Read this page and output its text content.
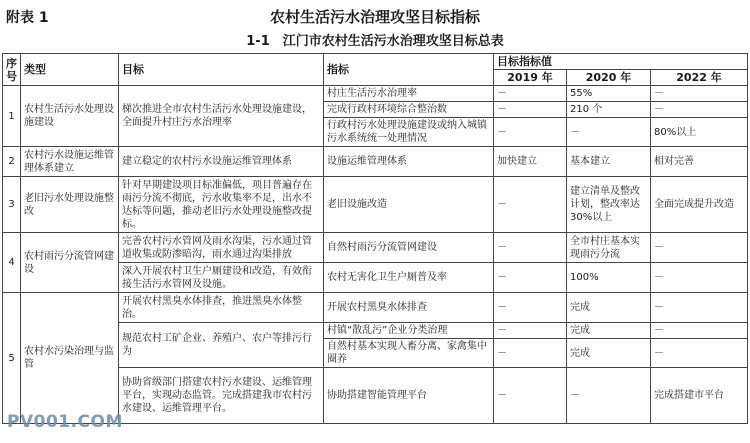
附表 1	农村生活污水治理攻坚目标指标
1-1　江门市农村生活污水治理攻坚目标总表
序号	类型	目标	指标	目标指标值		
				2019 年	2020 年	2022 年
1	农村生活污水处理设施建设	梯次推进全市农村生活污水处理设施建设，全面提升村庄污水治理率	村庄生活污水治理率	－	55%	－
			完成行政村环境综合整治数	－	210 个	－
			行政村污水处理设施建设或纳入城镇污水系统统一处理情况	－	－	80%以上
2	农村污水设施运维管理体系建立	建立稳定的农村污水设施运维管理体系	设施运维管理体系	加快建立	基本建立	相对完善
3	老旧污水处理设施整改	针对早期建设项目标准偏低，项目普遍存在雨污分流不彻底，污水收集率不足，出水不达标等问题，推动老旧污水处理设施整改提标。	老旧设施改造	－	建立清单及整改计划，整改率达 30%以上	全面完成提升改造
4	农村雨污分流管网建设	完善农村污水管网及雨水沟渠，污水通过管道收集或防渗暗沟，雨水通过沟渠排放	自然村雨污分流管网建设	－	全市村庄基本实现雨污分流	－
		深入开展农村卫生户厕建设和改造，有效衔接生活污水管网及设施。	农村无害化卫生户厕普及率	－	100%	－
5	农村水污染治理与监管	开展农村黑臭水体排查，推进黑臭水体整治。	开展农村黑臭水体排查	－	完成	－
		规范农村工矿企业、养殖户、农户等排污行为	村镇“散乱污”企业分类治理	－	完成	－
			自然村基本实现人畜分离、家禽集中圈养	－	完成	－
		协助省级部门搭建农村污水建设、运维管理平台，实现动态监管。完成搭建我市农村污水建设、运维管理平台。	协助搭建智能管理平台	－	－	完成搭建市平台
PV001.COM
